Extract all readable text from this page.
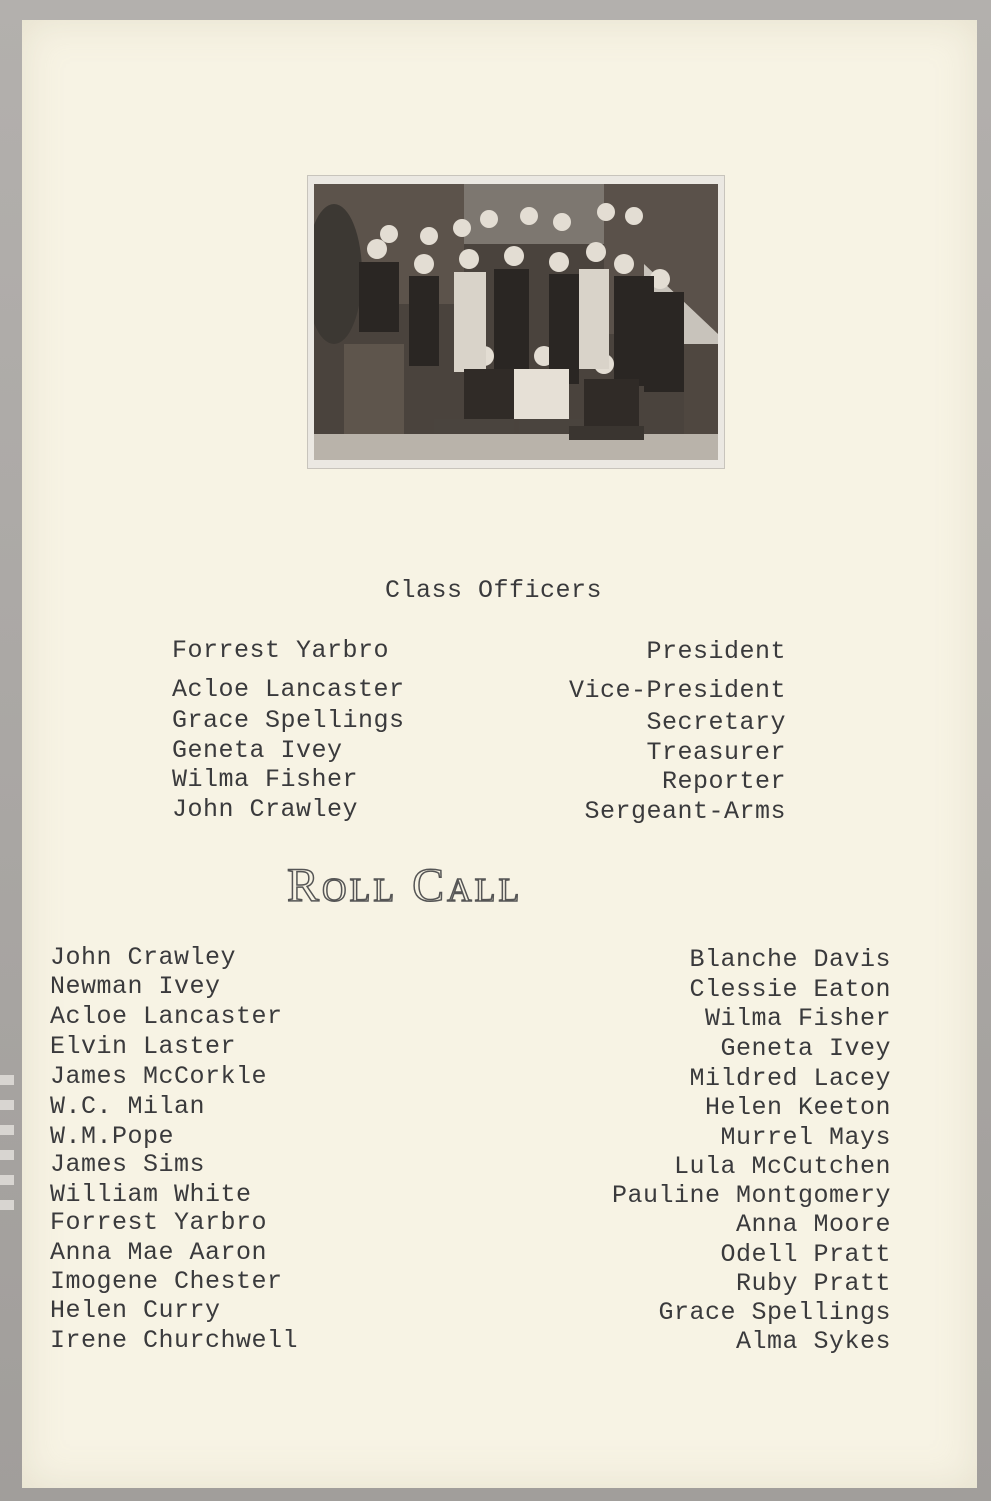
Class Officers
Forrest Yarbro	President
Acloe Lancaster	Vice-President
Grace Spellings	Secretary
Geneta Ivey	Treasurer
Wilma Fisher	Reporter
John Crawley	Sergeant-Arms
Roll Call
John Crawley
Newman Ivey
Acloe Lancaster
Elvin Laster
James McCorkle
W.C. Milan
W.M.Pope
James Sims
William White
Forrest Yarbro
Anna Mae Aaron
Imogene Chester
Helen Curry
Irene Churchwell
Blanche Davis
Clessie Eaton
Wilma Fisher
Geneta Ivey
Mildred Lacey
Helen Keeton
Murrel Mays
Lula McCutchen
Pauline Montgomery
Anna Moore
Odell Pratt
Ruby Pratt
Grace Spellings
Alma Sykes
